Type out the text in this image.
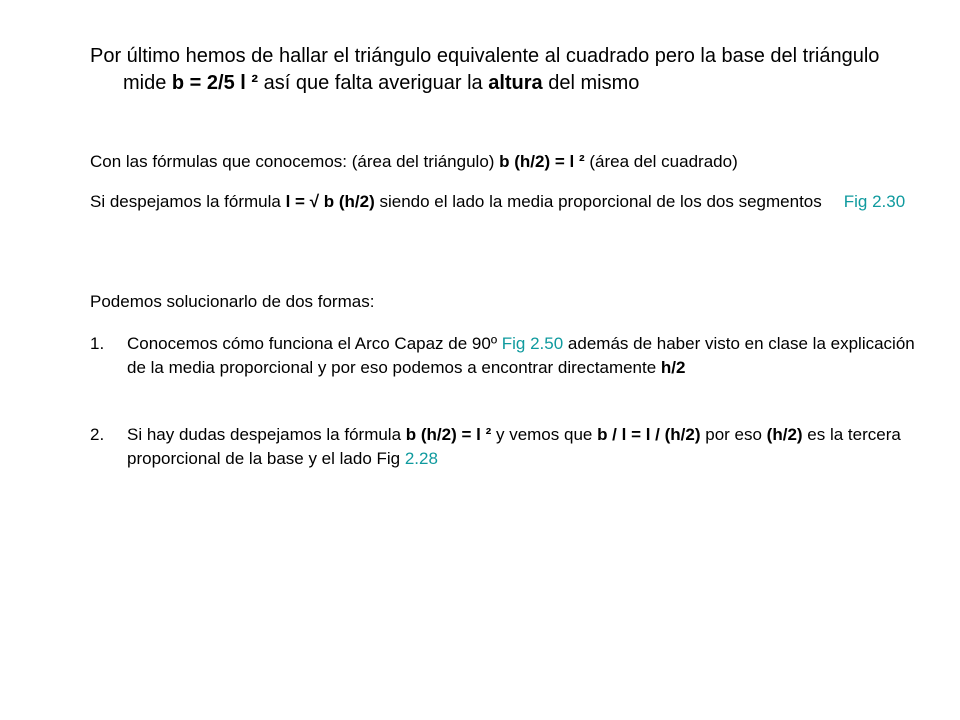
Por último hemos de hallar el triángulo equivalente al cuadrado pero la base del triángulo mide b = 2/5 l ² así que falta averiguar la altura del mismo

Con las fórmulas que conocemos: (área del triángulo) b (h/2) = l ² (área del cuadrado)

Si despejamos la fórmula l = √ b (h/2) siendo el lado la media proporcional de los dos segmentos Fig 2.30

Podemos solucionarlo de dos formas:

1. Conocemos cómo funciona el Arco Capaz de 90º Fig 2.50 además de haber visto en clase la explicación de la media proporcional y por eso podemos a encontrar directamente h/2
2. Si hay dudas despejamos la fórmula b (h/2) = l ² y vemos que b / l = l / (h/2) por eso (h/2) es la tercera proporcional de la base y el lado Fig 2.28
